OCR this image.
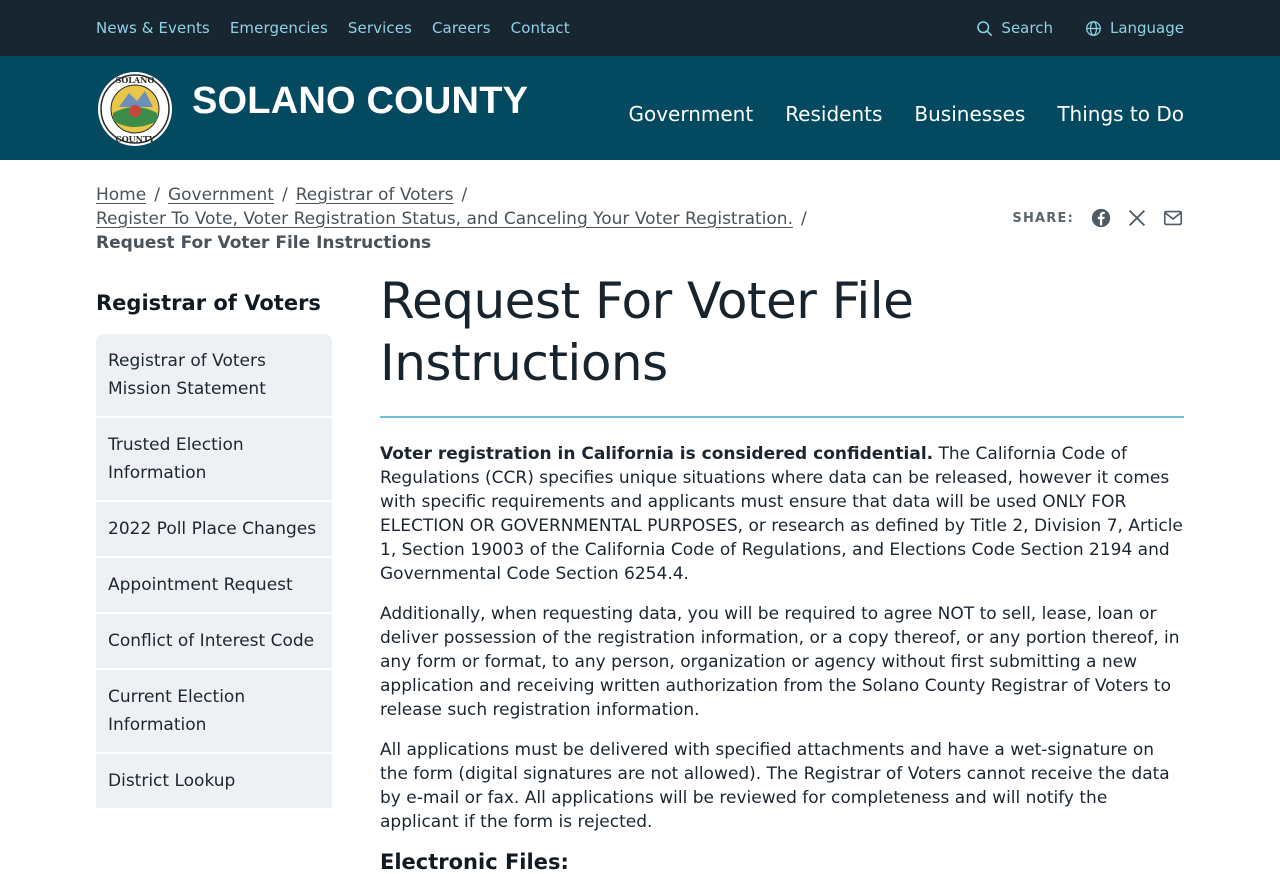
News & Events Emergencies Services Careers Contact	Search	Language
SOLANO
COUNTY
SOLANO COUNTY	Government Residents Businesses Things to Do
Home / Government / Registrar of Voters /
Register To Vote, Voter Registration Status, and Canceling Your Voter Registration. /
Request For Voter File Instructions
SHARE:
Registrar of Voters
Registrar of Voters Mission Statement
Trusted Election Information
2022 Poll Place Changes
Appointment Request
Conflict of Interest Code
Current Election Information
District Lookup
Request For Voter File Instructions

Voter registration in California is considered confidential. The California Code of Regulations (CCR) specifies unique situations where data can be released, however it comes with specific requirements and applicants must ensure that data will be used ONLY FOR ELECTION OR GOVERNMENTAL PURPOSES, or research as defined by Title 2, Division 7, Article 1, Section 19003 of the California Code of Regulations, and Elections Code Section 2194 and Governmental Code Section 6254.4.

Additionally, when requesting data, you will be required to agree NOT to sell, lease, loan or deliver possession of the registration information, or a copy thereof, or any portion thereof, in any form or format, to any person, organization or agency without first submitting a new application and receiving written authorization from the Solano County Registrar of Voters to release such registration information.

All applications must be delivered with specified attachments and have a wet-signature on the form (digital signatures are not allowed). The Registrar of Voters cannot receive the data by e-mail or fax. All applications will be reviewed for completeness and will notify the applicant if the form is rejected.

Electronic Files:
